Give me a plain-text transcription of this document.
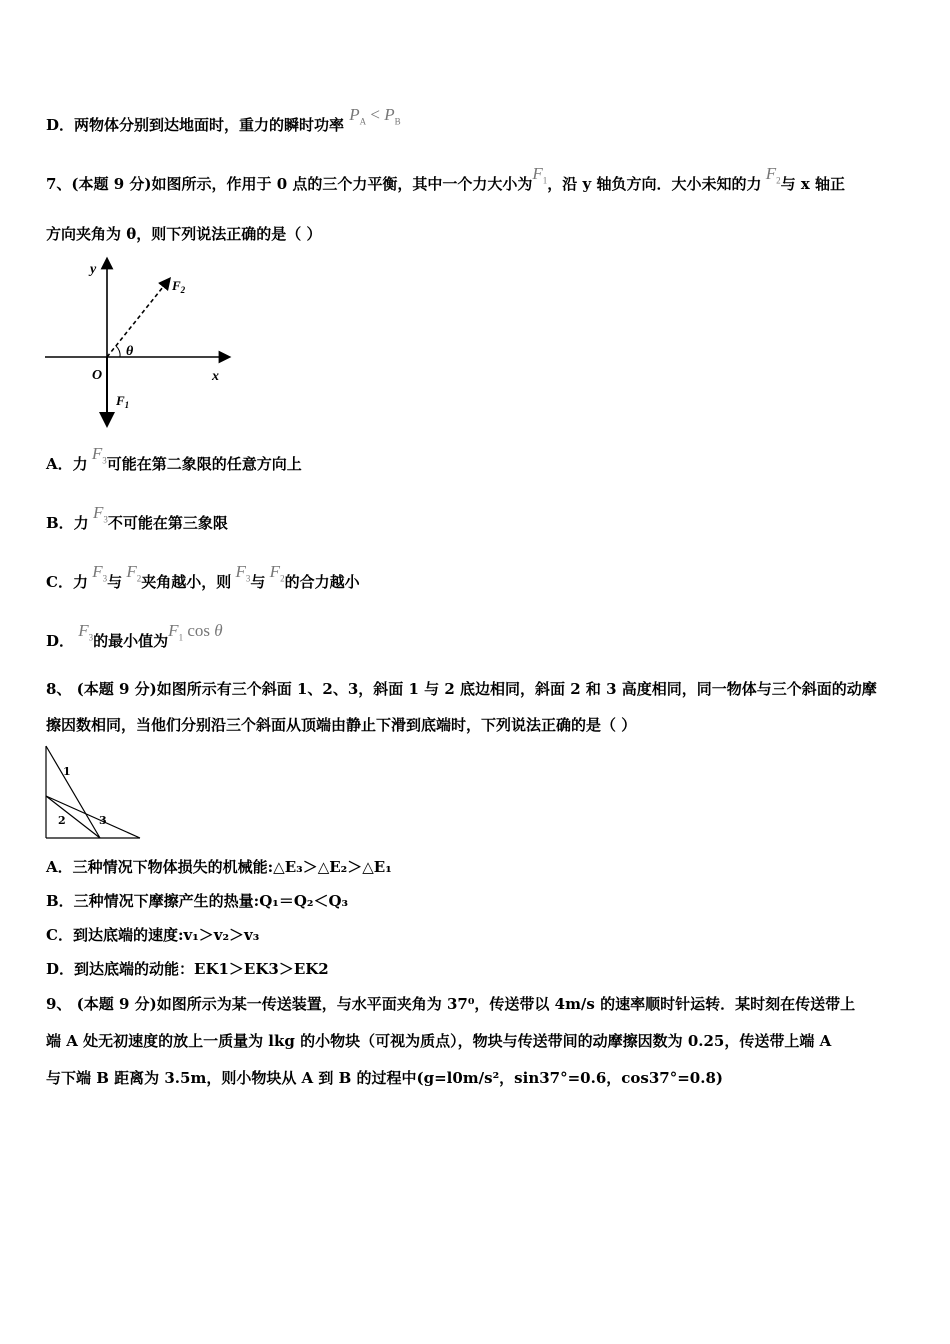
D．两物体分别到达地面时，重力的瞬时功率 $P_A < P_B$
7、(本题 9 分)如图所示，作用于 0 点的三个力平衡，其中一个力大小为$F_1$，沿 y 轴负方向．大小未知的力 $F_2$与 x 轴正
方向夹角为 θ，则下列说法正确的是（ ）
y
x
O
θ
$F_2$
$F_1$
A．力 $F_3$可能在第二象限的任意方向上
B．力 $F_3$不可能在第三象限
C．力 $F_3$与 $F_2$夹角越小，则 $F_3$与 $F_2$的合力越小
D． $F_3$的最小值为$F_1$ cos θ
8、 (本题 9 分)如图所示有三个斜面 1、2、3，斜面 1 与 2 底边相同，斜面 2 和 3 高度相同，同一物体与三个斜面的动摩
擦因数相同，当他们分别沿三个斜面从顶端由静止下滑到底端时，下列说法正确的是（ ）
1
2	3
A．三种情况下物体损失的机械能:△E₃＞△E₂＞△E₁
B．三种情况下摩擦产生的热量:Q₁＝Q₂＜Q₃
C．到达底端的速度:v₁＞v₂＞v₃
D．到达底端的动能：EK1＞EK3＞EK2
9、 (本题 9 分)如图所示为某一传送装置，与水平面夹角为 37⁰，传送带以 4m/s 的速率顺时针运转．某时刻在传送带上
端 A 处无初速度的放上一质量为 lkg 的小物块（可视为质点），物块与传送带间的动摩擦因数为 0.25，传送带上端 A
与下端 B 距离为 3.5m，则小物块从 A 到 B 的过程中(g=l0m/s²，sin37°=0.6，cos37°=0.8)
